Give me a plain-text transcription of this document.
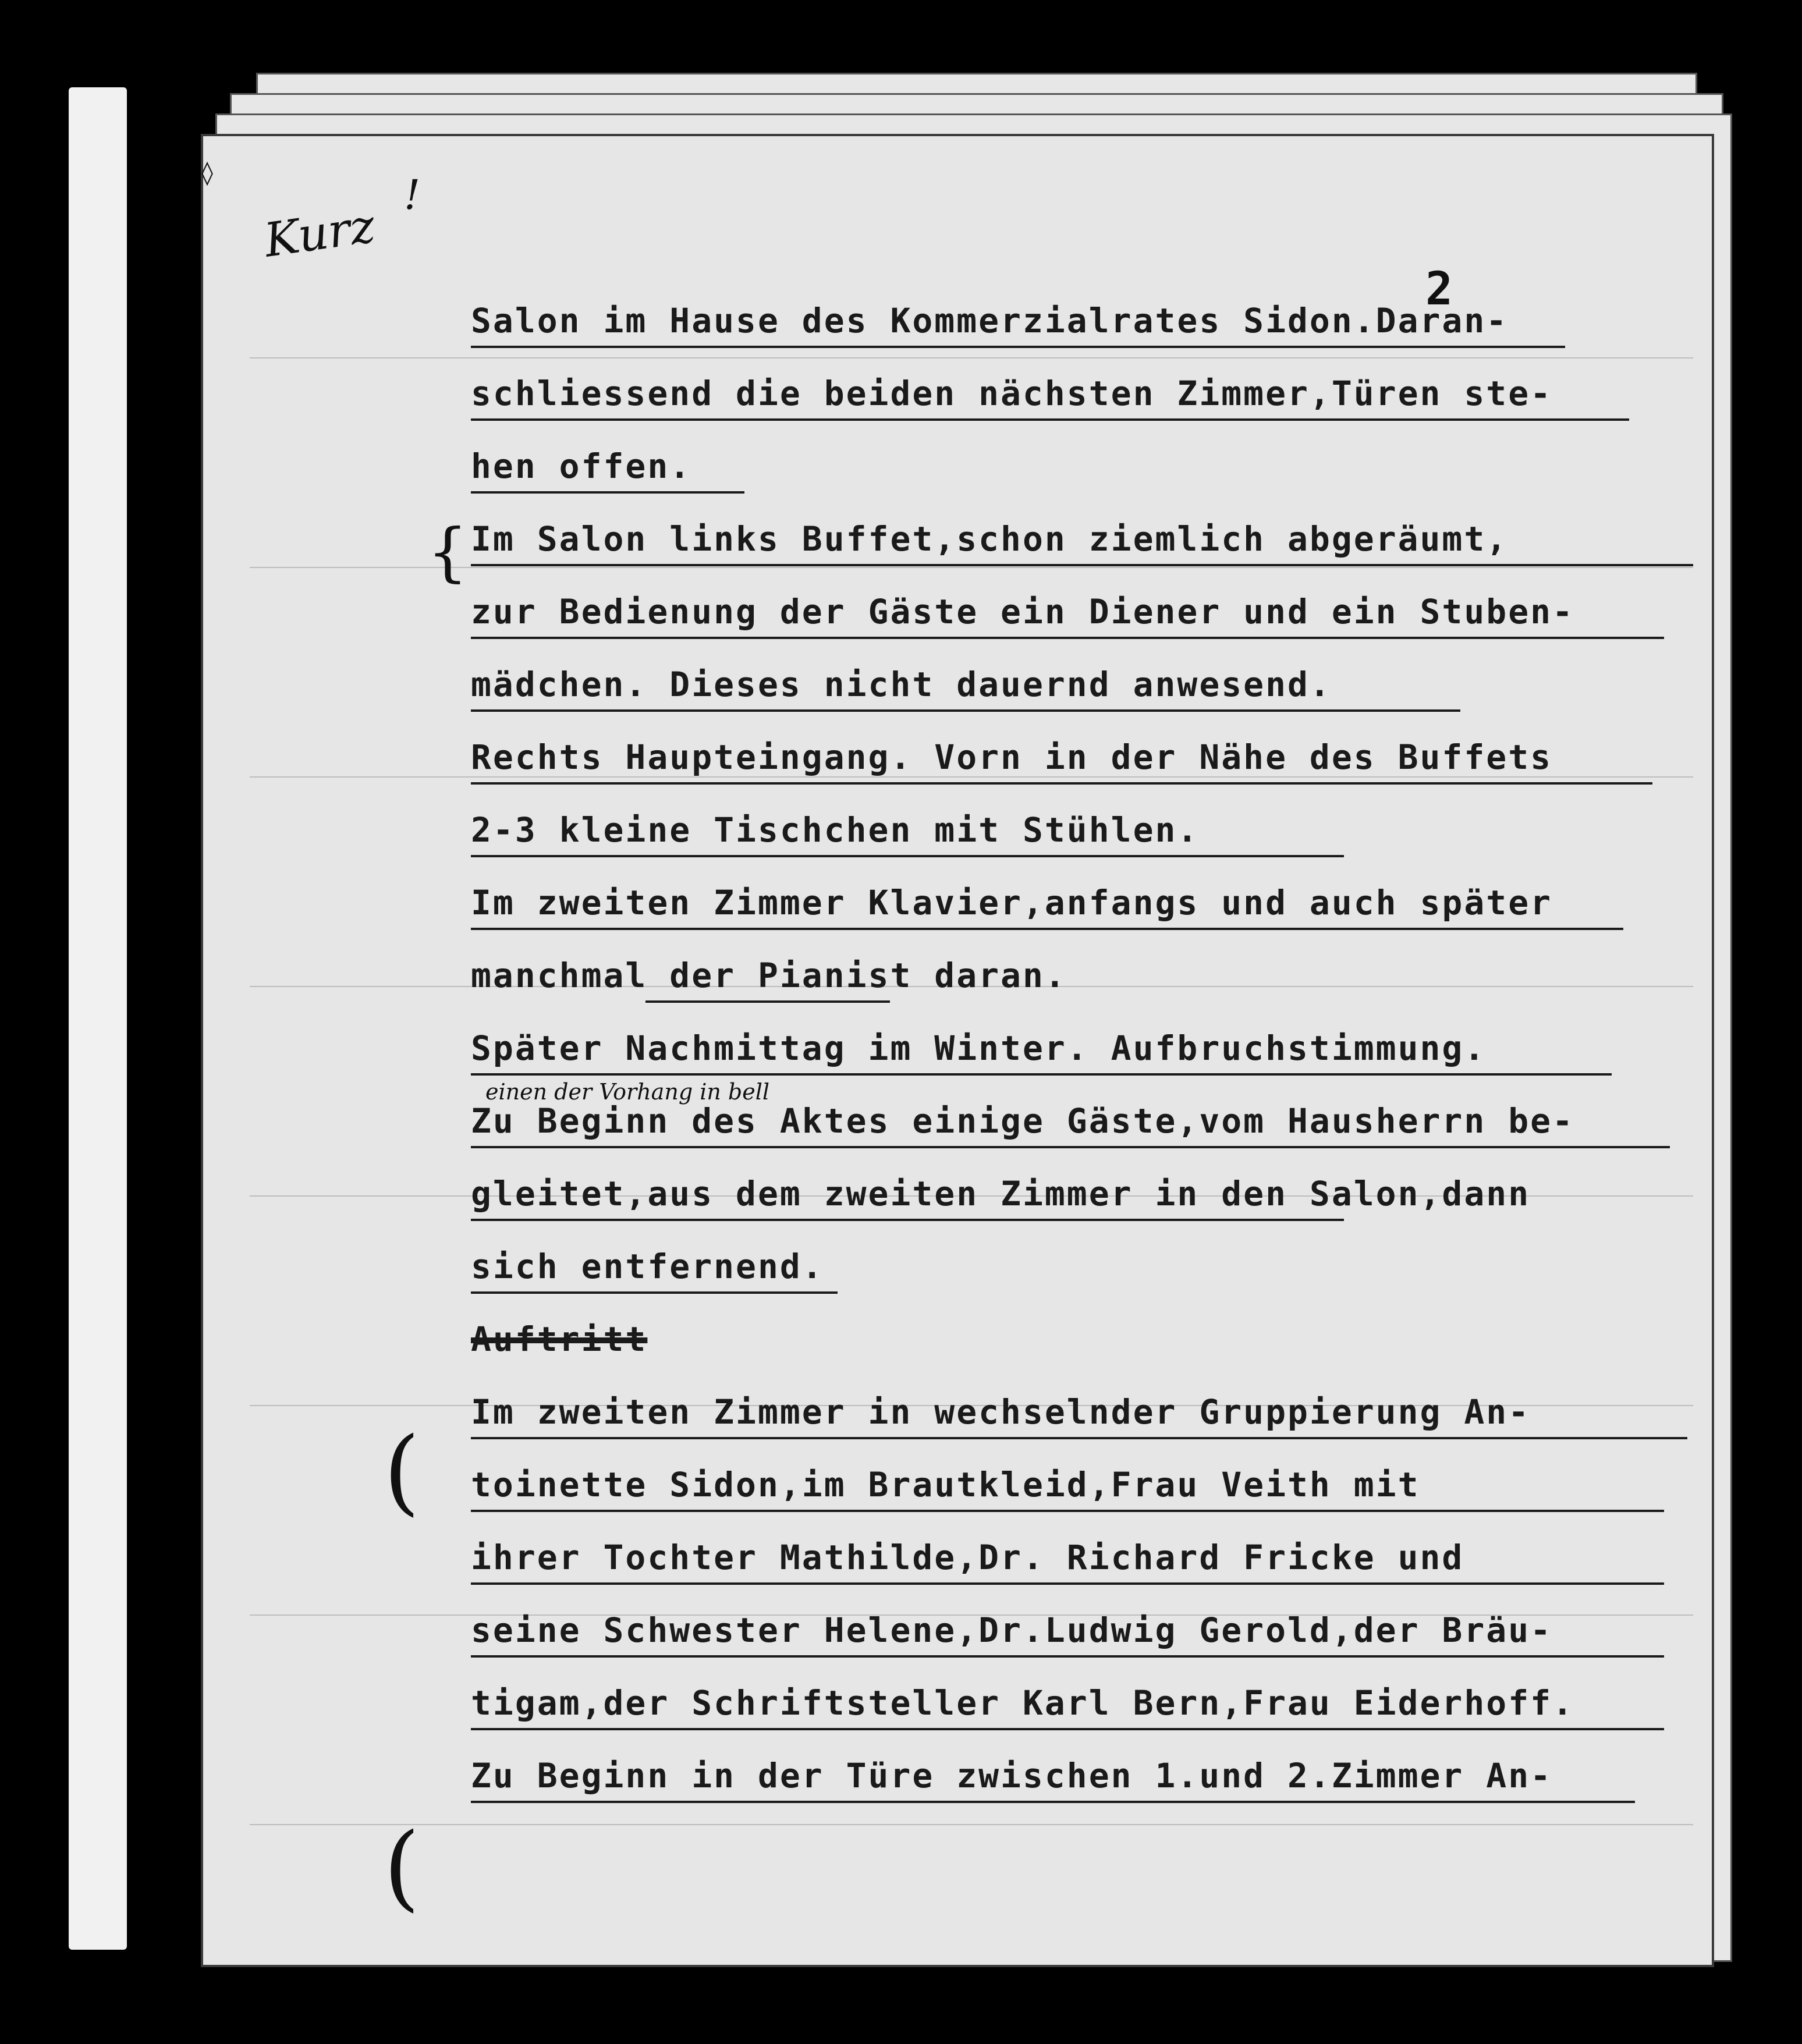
◊
Kurz
!
einen der Vorhang in bell
2
{
(
(
Salon im Hause des Kommerzialrates Sidon.Daran-
schliessend die beiden nächsten Zimmer,Türen ste-
hen offen.
Im Salon links Buffet,schon ziemlich abgeräumt,
zur Bedienung der Gäste ein Diener und ein Stuben-
mädchen. Dieses nicht dauernd anwesend.
Rechts Haupteingang. Vorn in der Nähe des Buffets
2-3 kleine Tischchen mit Stühlen.
Im zweiten Zimmer Klavier,anfangs und auch später
manchmal der Pianist daran.
Später Nachmittag im Winter. Aufbruchstimmung.
Zu Beginn des Aktes einige Gäste,vom Hausherrn be-
gleitet,aus dem zweiten Zimmer in den Salon,dann
sich entfernend.
Auftritt
Im zweiten Zimmer in wechselnder Gruppierung An-
toinette Sidon,im Brautkleid,Frau Veith mit
ihrer Tochter Mathilde,Dr. Richard Fricke und
seine Schwester Helene,Dr.Ludwig Gerold,der Bräu-
tigam,der Schriftsteller Karl Bern,Frau Eiderhoff.
Zu Beginn in der Türe zwischen 1.und 2.Zimmer An-
